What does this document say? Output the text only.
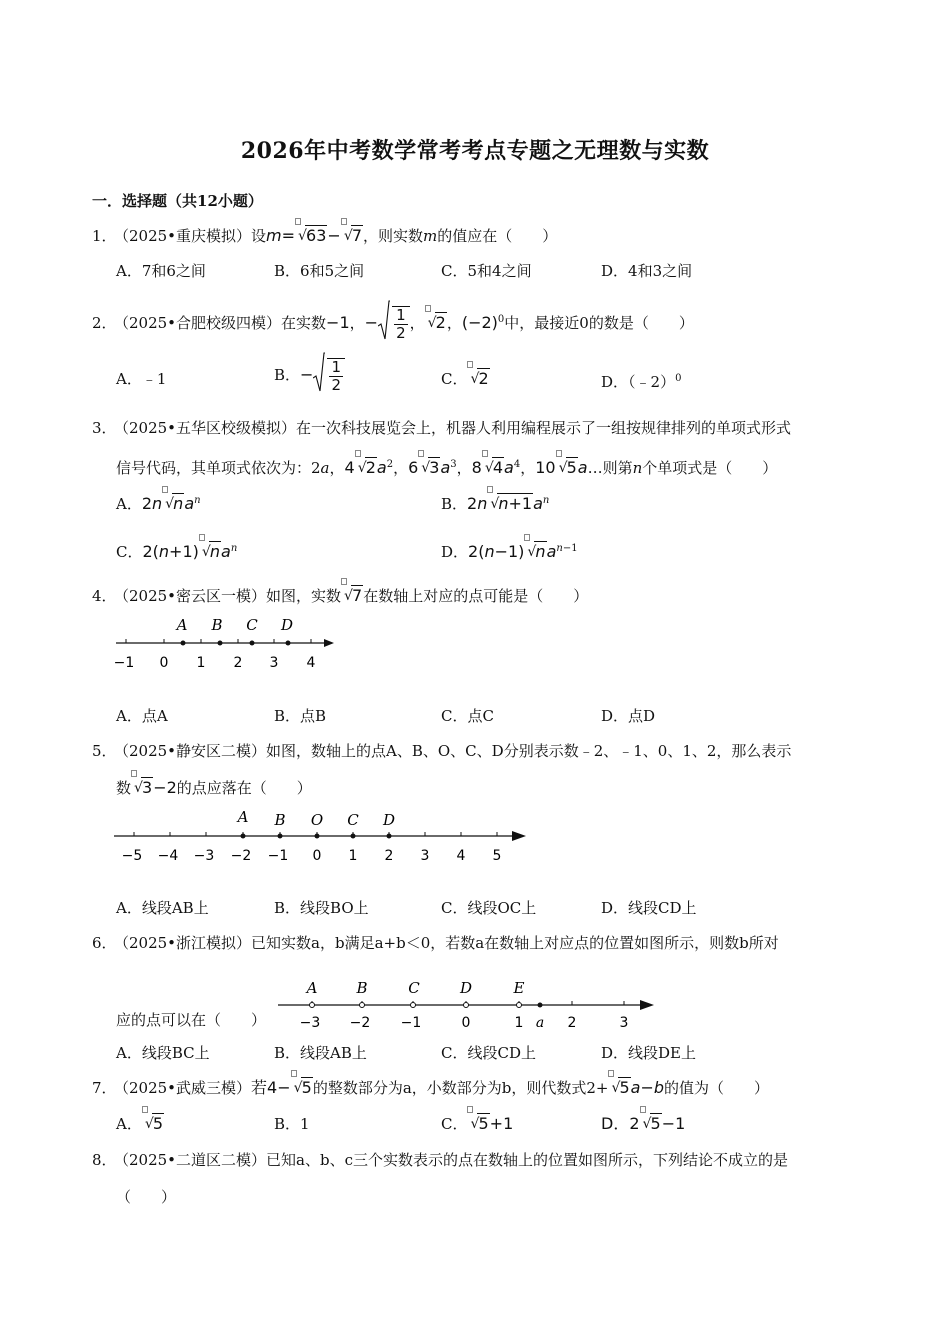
2026年中考数学常考考点专题之无理数与实数
一．选择题（共12小题）
1．（2025•重庆模拟）设m= √ 63− √ 7，则实数m的值应在（　　）
A．7和6之间	B．6和5之间	C．5和4之间	D．4和3之间
2．（2025•合肥校级四模）在实数−1，− $\frac{1}{2}$ ， √ 2，$(-2)^0$中，最接近0的数是（　　）
A．﹣1	B．− $\frac{1}{2}$	C． √ 2	D．（﹣2）$^0$
3．（2025•五华区校级模拟）在一次科技展览会上，机器人利用编程展示了一组按规律排列的单项式形式
信号代码，其单项式依次为：2a，4 √ $2a^2$，6 √ $3a^3$，8 √ $4a^4$，10 √ 5a…则第n个单项式是（　　）
A．2n √ $na^n$	B．2n √ $n+1a^n$
C．2(n+1) √ $na^n$	D．2(n−1) √ $na^{n-1}$
4．（2025•密云区一模）如图，实数 √ 7在数轴上对应的点可能是（　　）
−1 0 1 2 3 4
A B C D
A．点A	B．点B	C．点C	D．点D
5．（2025•静安区二模）如图，数轴上的点A、B、O、C、D分别表示数﹣2、﹣1、0、1、2，那么表示
数 √ 3−2的点应落在（　　）
−5 −4 −3 −2 −1 0 1 2 3 4 5
A B O C D
A．线段AB上	B．线段BO上	C．线段OC上	D．线段CD上
6．（2025•浙江模拟）已知实数a，b满足a+b＜0，若数a在数轴上对应点的位置如图所示，则数b所对
应的点可以在（　　） −3 −2 −1	0	1 a 2	3
A	B	C	D	E
A．线段BC上	B．线段AB上	C．线段CD上	D．线段DE上
7．（2025•武威三模）若4− √ 5的整数部分为a，小数部分为b，则代数式2+ √ 5a−b的值为（　　）
A． √ 5	B．1	C． √ 5+1	D．2 √ 5−1
8．（2025•二道区二模）已知a、b、c三个实数表示的点在数轴上的位置如图所示，下列结论不成立的是
（　　）
